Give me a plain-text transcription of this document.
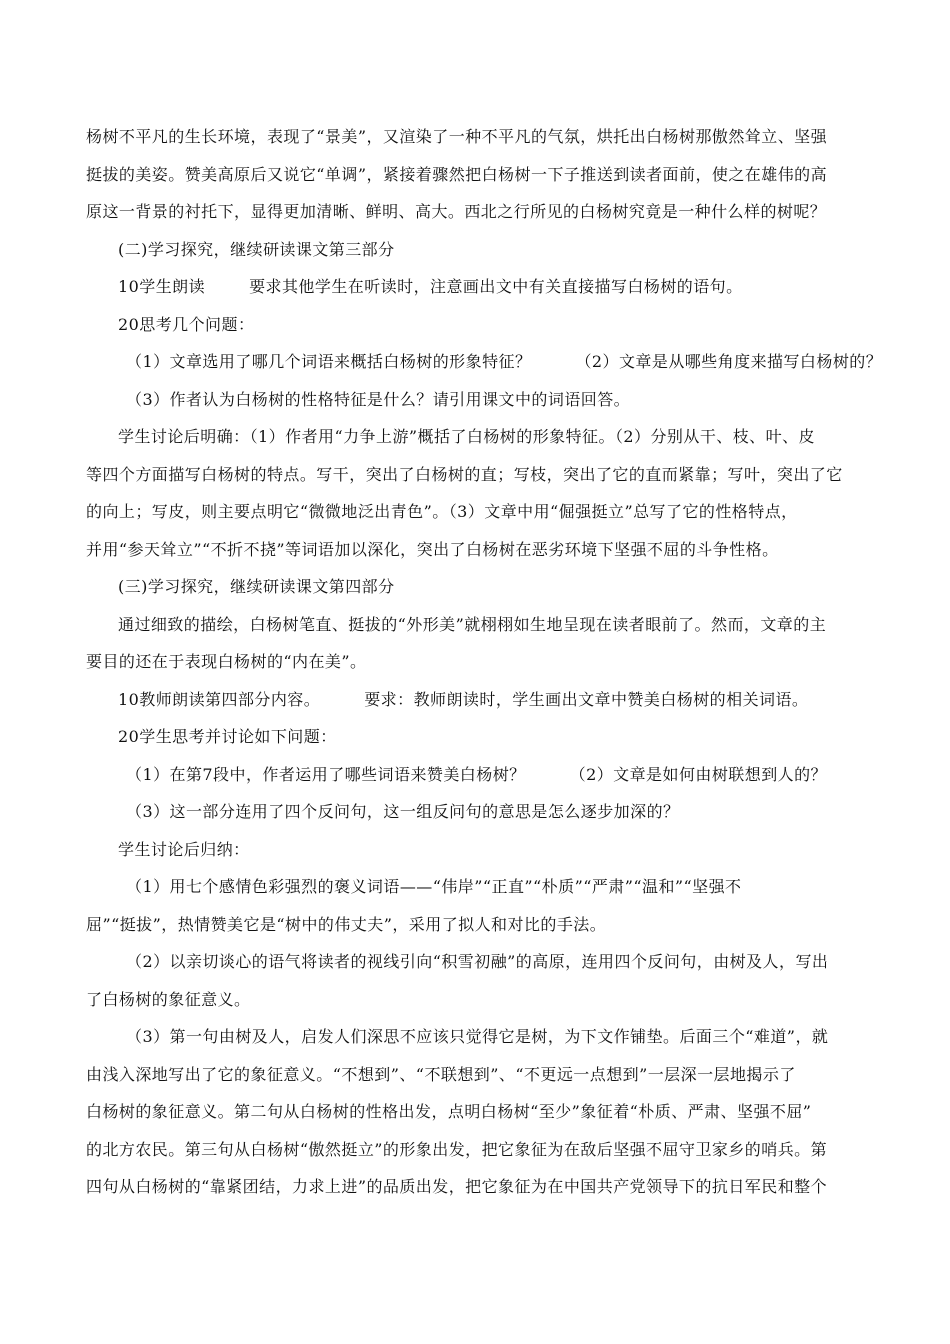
杨树不平凡的生长环境，表现了“景美”，又渲染了一种不平凡的气氛，烘托出白杨树那傲然耸立、坚强
挺拔的美姿。赞美高原后又说它“单调”，紧接着骤然把白杨树一下子推送到读者面前，使之在雄伟的高
原这一背景的衬托下，显得更加清晰、鲜明、高大。西北之行所见的白杨树究竟是一种什么样的树呢？
(二)学习探究，继续研读课文第三部分
10学生朗读	要求其他学生在听读时，注意画出文中有关直接描写白杨树的语句。
20思考几个问题：
（1）文章选用了哪几个词语来概括白杨树的形象特征？	（2）文章是从哪些角度来描写白杨树的？
（3）作者认为白杨树的性格特征是什么？请引用课文中的词语回答。
学生讨论后明确：（1）作者用“力争上游”概括了白杨树的形象特征。（2）分别从干、枝、叶、皮
等四个方面描写白杨树的特点。写干，突出了白杨树的直；写枝，突出了它的直而紧靠；写叶，突出了它
的向上；写皮，则主要点明它“微微地泛出青色”。（3）文章中用“倔强挺立”总写了它的性格特点，
并用“参天耸立”“不折不挠”等词语加以深化，突出了白杨树在恶劣环境下坚强不屈的斗争性格。
(三)学习探究，继续研读课文第四部分
通过细致的描绘，白杨树笔直、挺拔的“外形美”就栩栩如生地呈现在读者眼前了。然而，文章的主
要目的还在于表现白杨树的“内在美”。
10教师朗读第四部分内容。	要求：教师朗读时，学生画出文章中赞美白杨树的相关词语。
20学生思考并讨论如下问题：
（1）在第7段中，作者运用了哪些词语来赞美白杨树？	（2）文章是如何由树联想到人的？
（3）这一部分连用了四个反问句，这一组反问句的意思是怎么逐步加深的？
学生讨论后归纳：
（1）用七个感情色彩强烈的褒义词语——“伟岸”“正直”“朴质”“严肃”“温和”“坚强不
屈”“挺拔”，热情赞美它是“树中的伟丈夫”，采用了拟人和对比的手法。
（2）以亲切谈心的语气将读者的视线引向“积雪初融”的高原，连用四个反问句，由树及人，写出
了白杨树的象征意义。
（3）第一句由树及人，启发人们深思不应该只觉得它是树，为下文作铺垫。后面三个“难道”，就
由浅入深地写出了它的象征意义。“不想到”、“不联想到”、“不更远一点想到”一层深一层地揭示了
白杨树的象征意义。第二句从白杨树的性格出发，点明白杨树“至少”象征着“朴质、严肃、坚强不屈”
的北方农民。第三句从白杨树“傲然挺立”的形象出发，把它象征为在敌后坚强不屈守卫家乡的哨兵。第
四句从白杨树的“靠紧团结，力求上进”的品质出发，把它象征为在中国共产党领导下的抗日军民和整个
